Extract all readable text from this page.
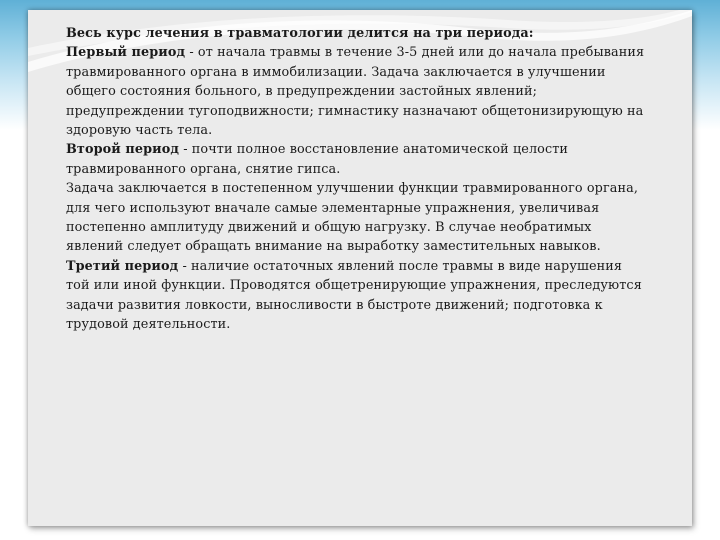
Весь курс лечения в травматологии делится на три периода:

Первый период - от начала травмы в течение 3-5 дней или до начала пребывания травмированного органа в иммобилизации. Задача заключается в улучшении общего состояния больного, в предупреждении застойных явлений; предупреждении тугоподвижности; гимнастику назначают общетонизирующую на здоровую часть тела.

Второй период - почти полное восстановление анатомической целости травмированного органа, снятие гипса.

Задача заключается в постепенном улучшении функции травмированного органа, для чего используют вначале самые элементарные упражнения, увеличивая постепенно амплитуду движений и общую нагрузку. В случае необратимых явлений следует обращать внимание на выработку заместительных навыков.

Третий период - наличие остаточных явлений после травмы в виде нарушения той или иной функции. Проводятся общетренирующие упражнения, преследуются задачи развития ловкости, выносливости в быстроте движений; подготовка к трудовой деятельности.
